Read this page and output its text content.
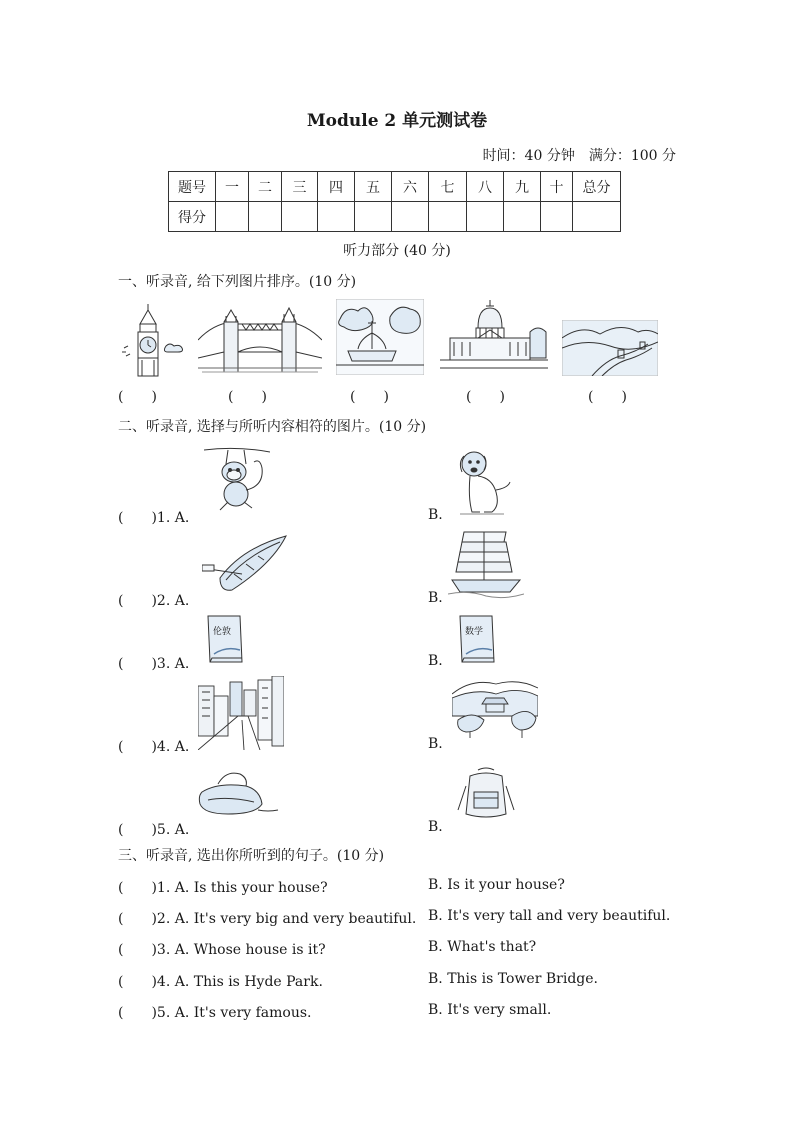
Module 2 单元测试卷
时间：40 分钟　满分：100 分
题号	一	二	三	四	五	六	七	八	九	十	总分
得分											
听力部分 (40 分)
一、听录音, 给下列图片排序。(10 分)
(　　)	(　　)	(　　)	(　　)	(　　)
二、听录音, 选择与所听内容相符的图片。(10 分)
(　　)1. A.	B.
(　　)2. A.	B.
伦敦	数学
(　　)3. A.	B.
(　　)4. A.	B.
(　　)5. A.	B.
三、听录音, 选出你所听到的句子。(10 分)
(　　)1. A. Is this your house?	B. Is it your house?
(　　)2. A. It's very big and very beautiful. B. It's very tall and very beautiful.
(　　)3. A. Whose house is it?	B. What's that?
(　　)4. A. This is Hyde Park.	B. This is Tower Bridge.
(　　)5. A. It's very famous.	B. It's very small.
